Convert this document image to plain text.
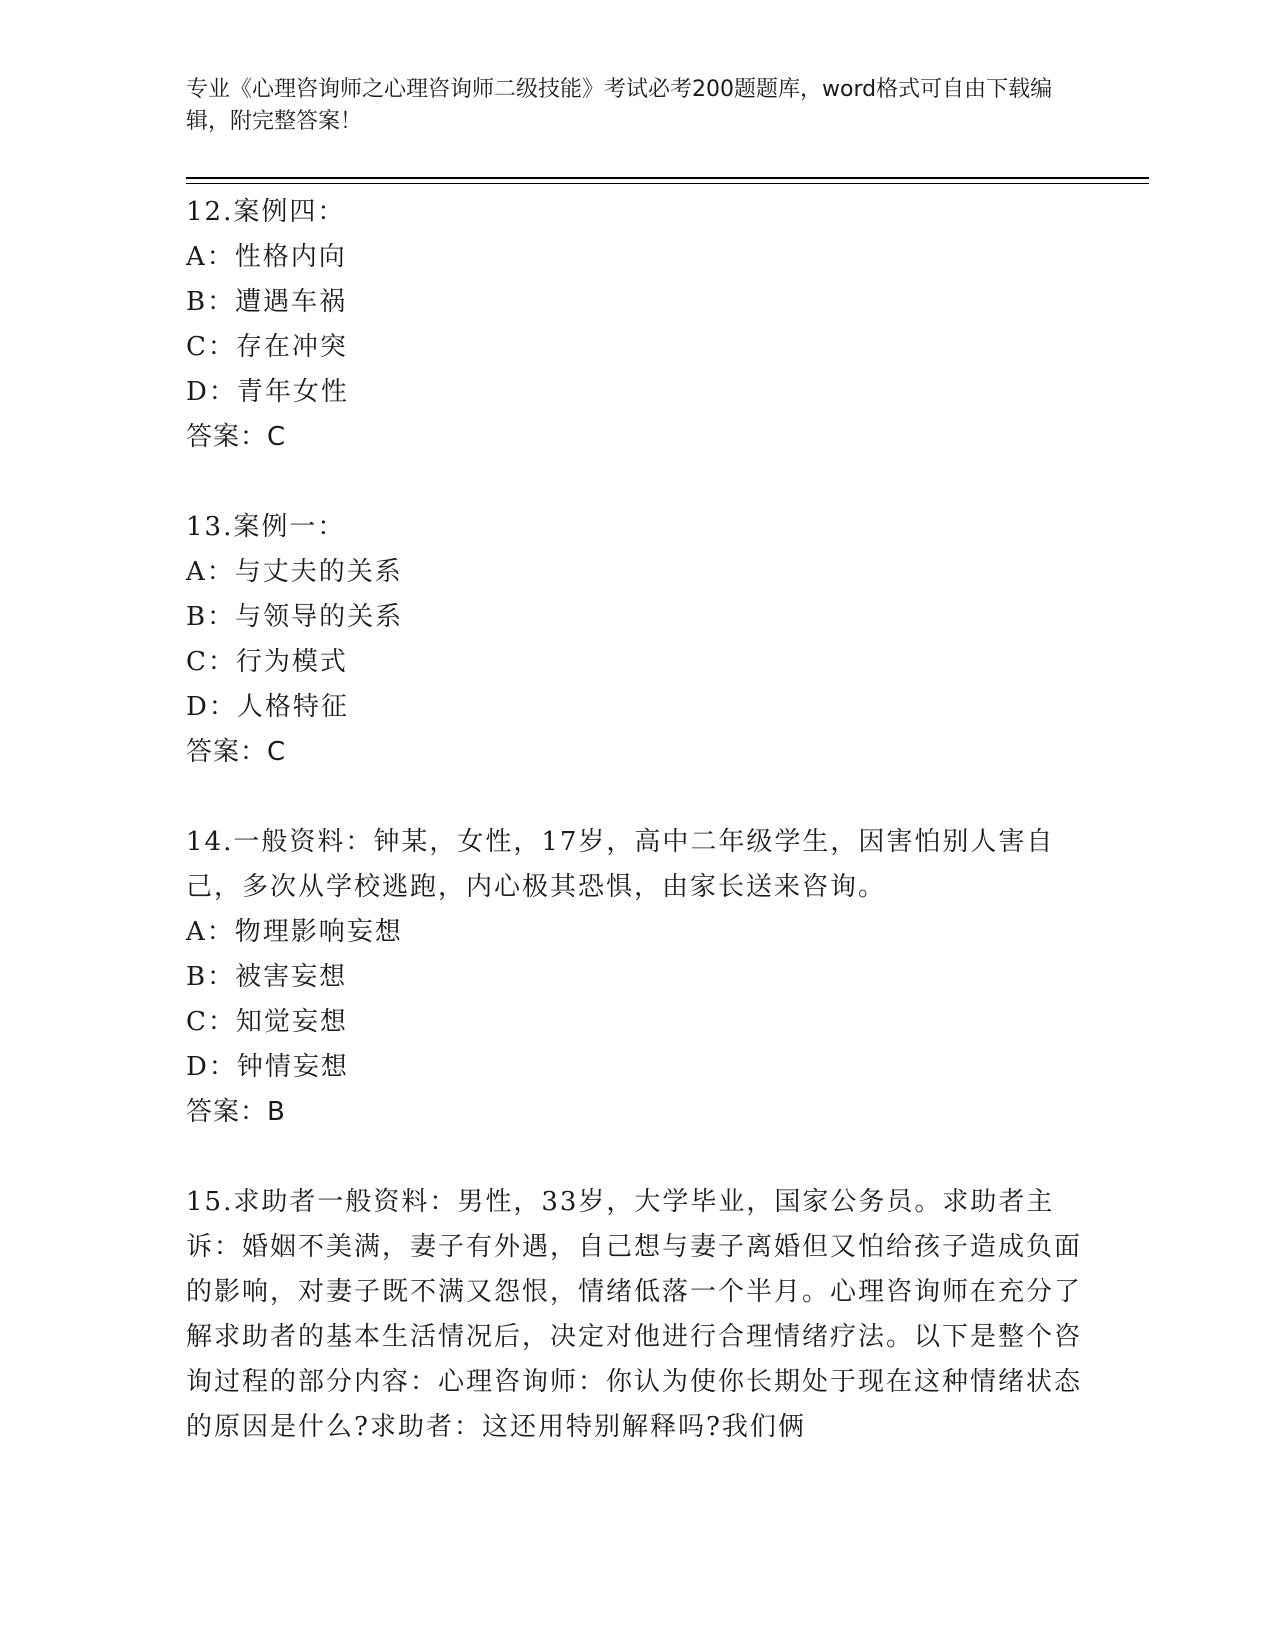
专业《心理咨询师之心理咨询师二级技能》考试必考200题题库，word格式可自由下载编辑，附完整答案！
12.案例四：
A：性格内向
B：遭遇车祸
C：存在冲突
D：青年女性
答案：C
13.案例一：
A：与丈夫的关系
B：与领导的关系
C：行为模式
D：人格特征
答案：C
14.一般资料：钟某，女性，17岁，高中二年级学生，因害怕别人害自己，多次从学校逃跑，内心极其恐惧，由家长送来咨询。
A：物理影响妄想
B：被害妄想
C：知觉妄想
D：钟情妄想
答案：B
15.求助者一般资料：男性，33岁，大学毕业，国家公务员。求助者主诉：婚姻不美满，妻子有外遇，自己想与妻子离婚但又怕给孩子造成负面的影响，对妻子既不满又怨恨，情绪低落一个半月。心理咨询师在充分了解求助者的基本生活情况后，决定对他进行合理情绪疗法。以下是整个咨询过程的部分内容：心理咨询师：你认为使你长期处于现在这种情绪状态的原因是什么?求助者：这还用特别解释吗?我们俩
